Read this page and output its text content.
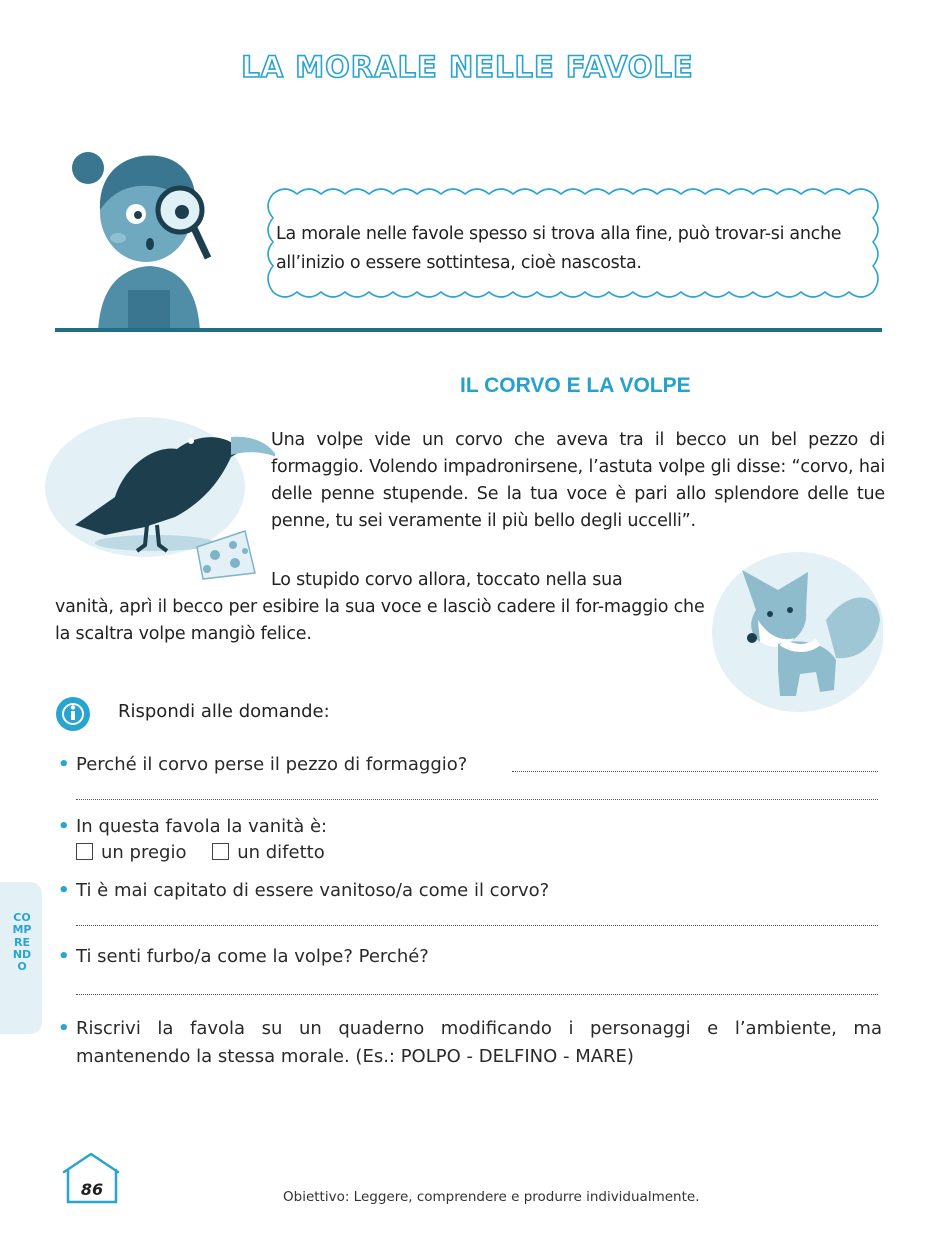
LA MORALE NELLE FAVOLE
La morale nelle favole spesso si trova alla fine, può trovar-si anche all’inizio o essere sottintesa, cioè nascosta.
IL CORVO E LA VOLPE
Una volpe vide un corvo che aveva tra il becco un bel pezzo di formaggio. Volendo impadronirsene, l’astuta volpe gli disse: “corvo, hai delle penne stupende. Se la tua voce è pari allo splendore delle tue penne, tu sei veramente il più bello degli uccelli”.
Lo stupido corvo allora, toccato nella sua
vanità, aprì il becco per esibire la sua voce e lasciò cadere il for-maggio che la scaltra volpe mangiò felice.
Rispondi alle domande:
• Perché il corvo perse il pezzo di formaggio?
• In questa favola la vanità è:
un pregio	un difetto
• Ti è mai capitato di essere vanitoso/a come il corvo?
• Ti senti furbo/a come la volpe? Perché?
• Riscrivi la favola su un quaderno modificando i personaggi e l’ambiente, ma mantenendo la stessa morale. (Es.: POLPO - DELFINO - MARE)
COMPRENDO
86	Obiettivo: Leggere, comprendere e produrre individualmente.
